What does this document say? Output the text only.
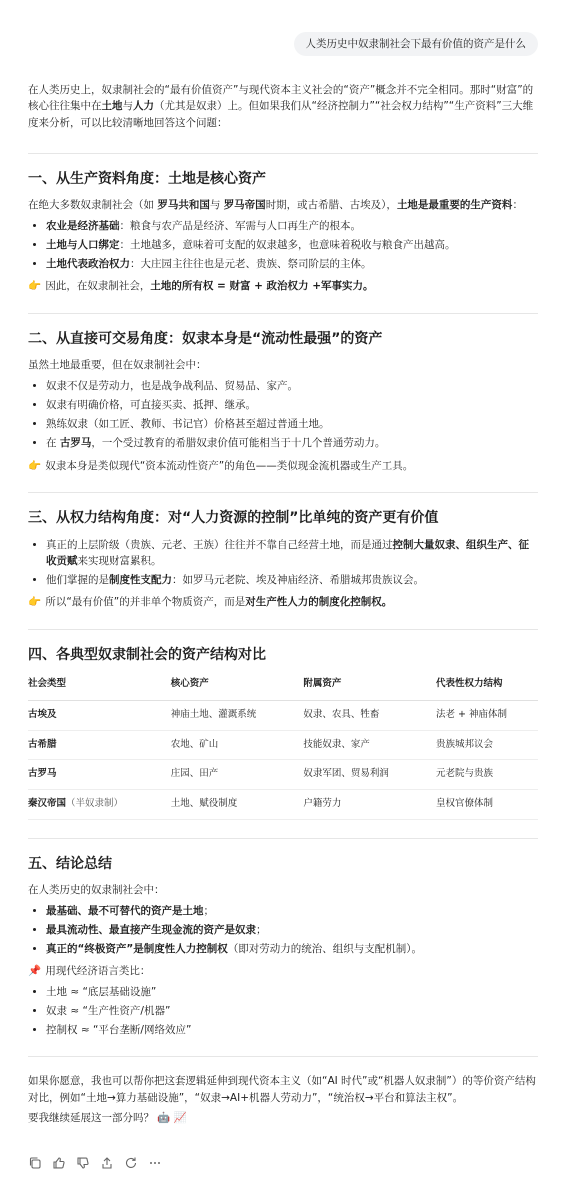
人类历史中奴隶制社会下最有价值的资产是什么

在人类历史上，奴隶制社会的“最有价值资产”与现代资本主义社会的“资产”概念并不完全相同。那时“财富”的核心往往集中在土地与人力（尤其是奴隶）上。但如果我们从“经济控制力”“社会权力结构”“生产资料”三大维度来分析，可以比较清晰地回答这个问题：

一、从生产资料角度：土地是核心资产

在绝大多数奴隶制社会（如 罗马共和国与 罗马帝国时期，或古希腊、古埃及），土地是最重要的生产资料：

• 农业是经济基础：粮食与农产品是经济、军需与人口再生产的根本。
• 土地与人口绑定：土地越多，意味着可支配的奴隶越多，也意味着税收与粮食产出越高。
• 土地代表政治权力：大庄园主往往也是元老、贵族、祭司阶层的主体。

👉 因此，在奴隶制社会，土地的所有权 = 财富 + 政治权力 +军事实力。

二、从直接可交易角度：奴隶本身是“流动性最强”的资产

虽然土地最重要，但在奴隶制社会中：

• 奴隶不仅是劳动力，也是战争战利品、贸易品、家产。
• 奴隶有明确价格，可直接买卖、抵押、继承。
• 熟练奴隶（如工匠、教师、书记官）价格甚至超过普通土地。
• 在 古罗马，一个受过教育的希腊奴隶价值可能相当于十几个普通劳动力。

👉 奴隶本身是类似现代“资本流动性资产”的角色——类似现金流机器或生产工具。

三、从权力结构角度：对“人力资源的控制”比单纯的资产更有价值
• 真正的上层阶级（贵族、元老、王族）往往并不靠自己经营土地，而是通过控制大量奴隶、组织生产、征收贡赋来实现财富累积。
• 他们掌握的是制度性支配力：如罗马元老院、埃及神庙经济、希腊城邦贵族议会。

👉 所以“最有价值”的并非单个物质资产，而是对生产性人力的制度化控制权。

四、各典型奴隶制社会的资产结构对比
社会类型	核心资产	附属资产	代表性权力结构
古埃及	神庙土地、灌溉系统	奴隶、农具、牲畜	法老 + 神庙体制
古希腊	农地、矿山	技能奴隶、家产	贵族城邦议会
古罗马	庄园、田产	奴隶军团、贸易利润	元老院与贵族
秦汉帝国（半奴隶制）	土地、赋役制度	户籍劳力	皇权官僚体制
五、结论总结

在人类历史的奴隶制社会中：

• 最基础、最不可替代的资产是土地；
• 最具流动性、最直接产生现金流的资产是奴隶；
• 真正的“终极资产”是制度性人力控制权（即对劳动力的统治、组织与支配机制）。

📌 用现代经济语言类比：

• 土地 ≈ “底层基础设施”
• 奴隶 ≈ “生产性资产/机器”
• 控制权 ≈ “平台垄断/网络效应”

如果你愿意，我也可以帮你把这套逻辑延伸到现代资本主义（如“AI 时代”或“机器人奴隶制”）的等价资产结构对比，例如“土地→算力基础设施”，“奴隶→AI+机器人劳动力”，“统治权→平台和算法主权”。

要我继续延展这一部分吗？ 🤖 📈
